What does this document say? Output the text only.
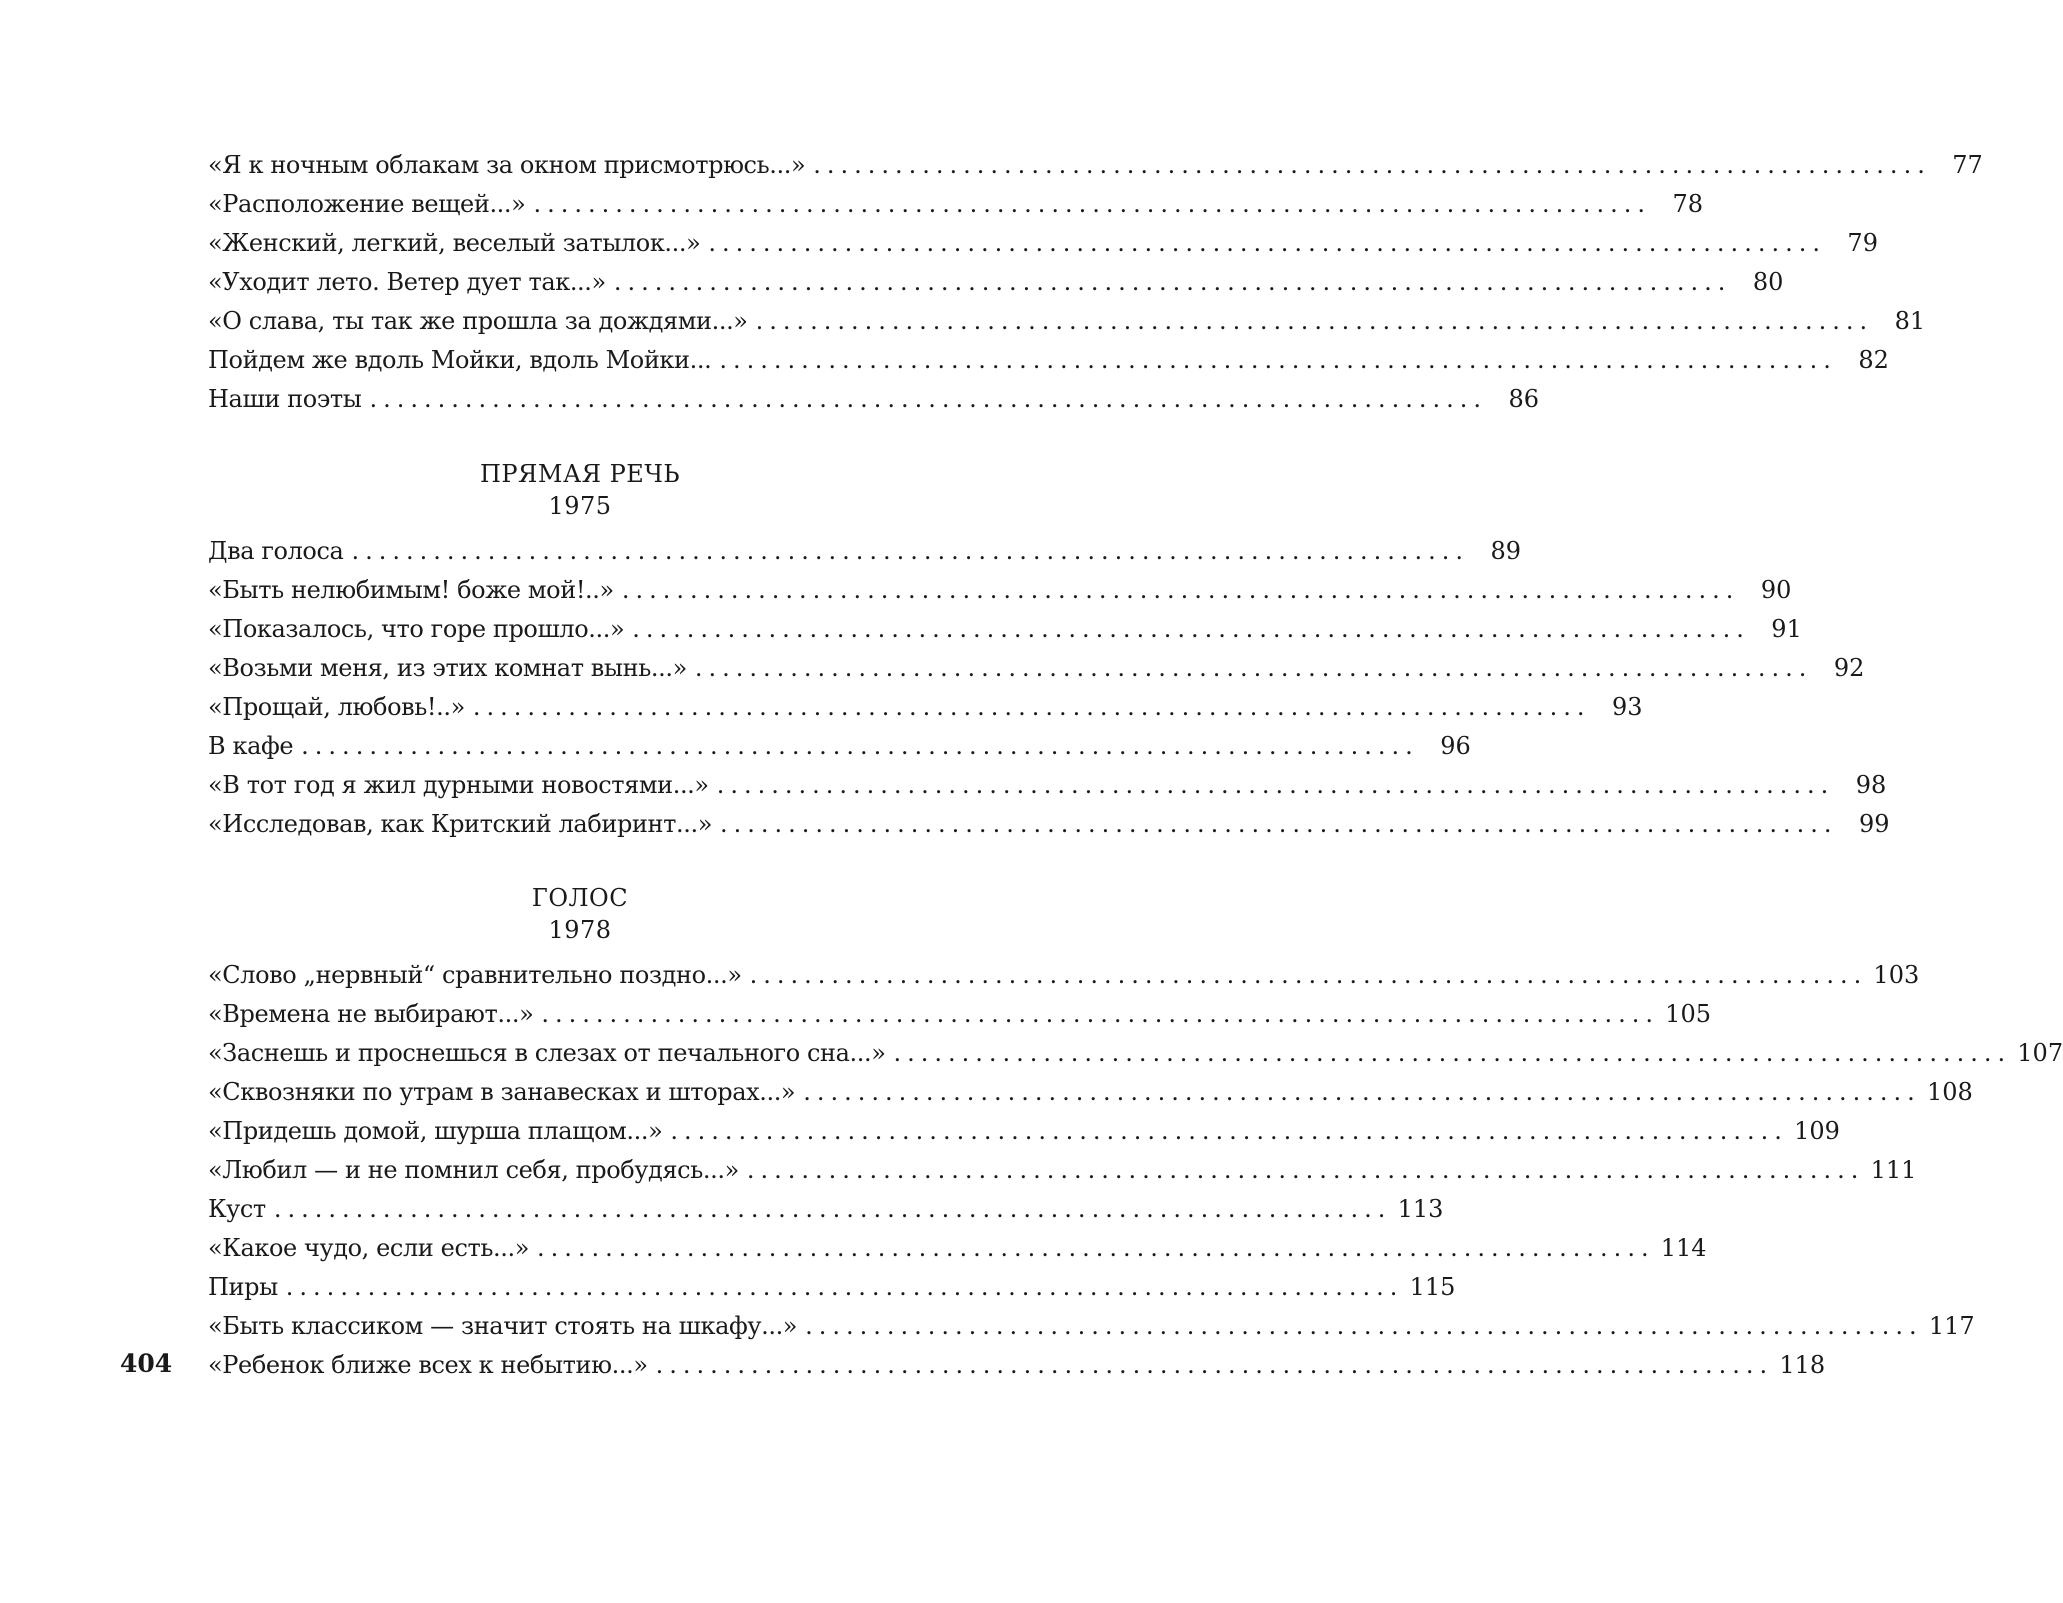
«Я к ночным облакам за окном присмотрюсь...» .................................................................................. 77
«Расположение вещей...» .................................................................................. 78
«Женский, легкий, веселый затылок...» .................................................................................. 79
«Уходит лето. Ветер дует так...» .................................................................................. 80
«О слава, ты так же прошла за дождями...» .................................................................................. 81
Пойдем же вдоль Мойки, вдоль Мойки... .................................................................................. 82
Наши поэты .................................................................................. 86
ПРЯМАЯ РЕЧЬ
1975
Два голоса .................................................................................. 89
«Быть нелюбимым! боже мой!..» .................................................................................. 90
«Показалось, что горе прошло...» .................................................................................. 91
«Возьми меня, из этих комнат вынь...» .................................................................................. 92
«Прощай, любовь!..» .................................................................................. 93
В кафе .................................................................................. 96
«В тот год я жил дурными новостями...» .................................................................................. 98
«Исследовав, как Критский лабиринт...» .................................................................................. 99
ГОЛОС
1978
«Слово „нервный“ сравнительно поздно...» .................................................................................. 103
«Времена не выбирают...» .................................................................................. 105
«Заснешь и проснешься в слезах от печального сна...» .................................................................................. 107
«Сквозняки по утрам в занавесках и шторах...» .................................................................................. 108
«Придешь домой, шурша плащом...» .................................................................................. 109
«Любил — и не помнил себя, пробудясь...» .................................................................................. 111
Куст .................................................................................. 113
«Какое чудо, если есть...» .................................................................................. 114
Пиры .................................................................................. 115
«Быть классиком — значит стоять на шкафу...» .................................................................................. 117
«Ребенок ближе всех к небытию...» .................................................................................. 118
404
